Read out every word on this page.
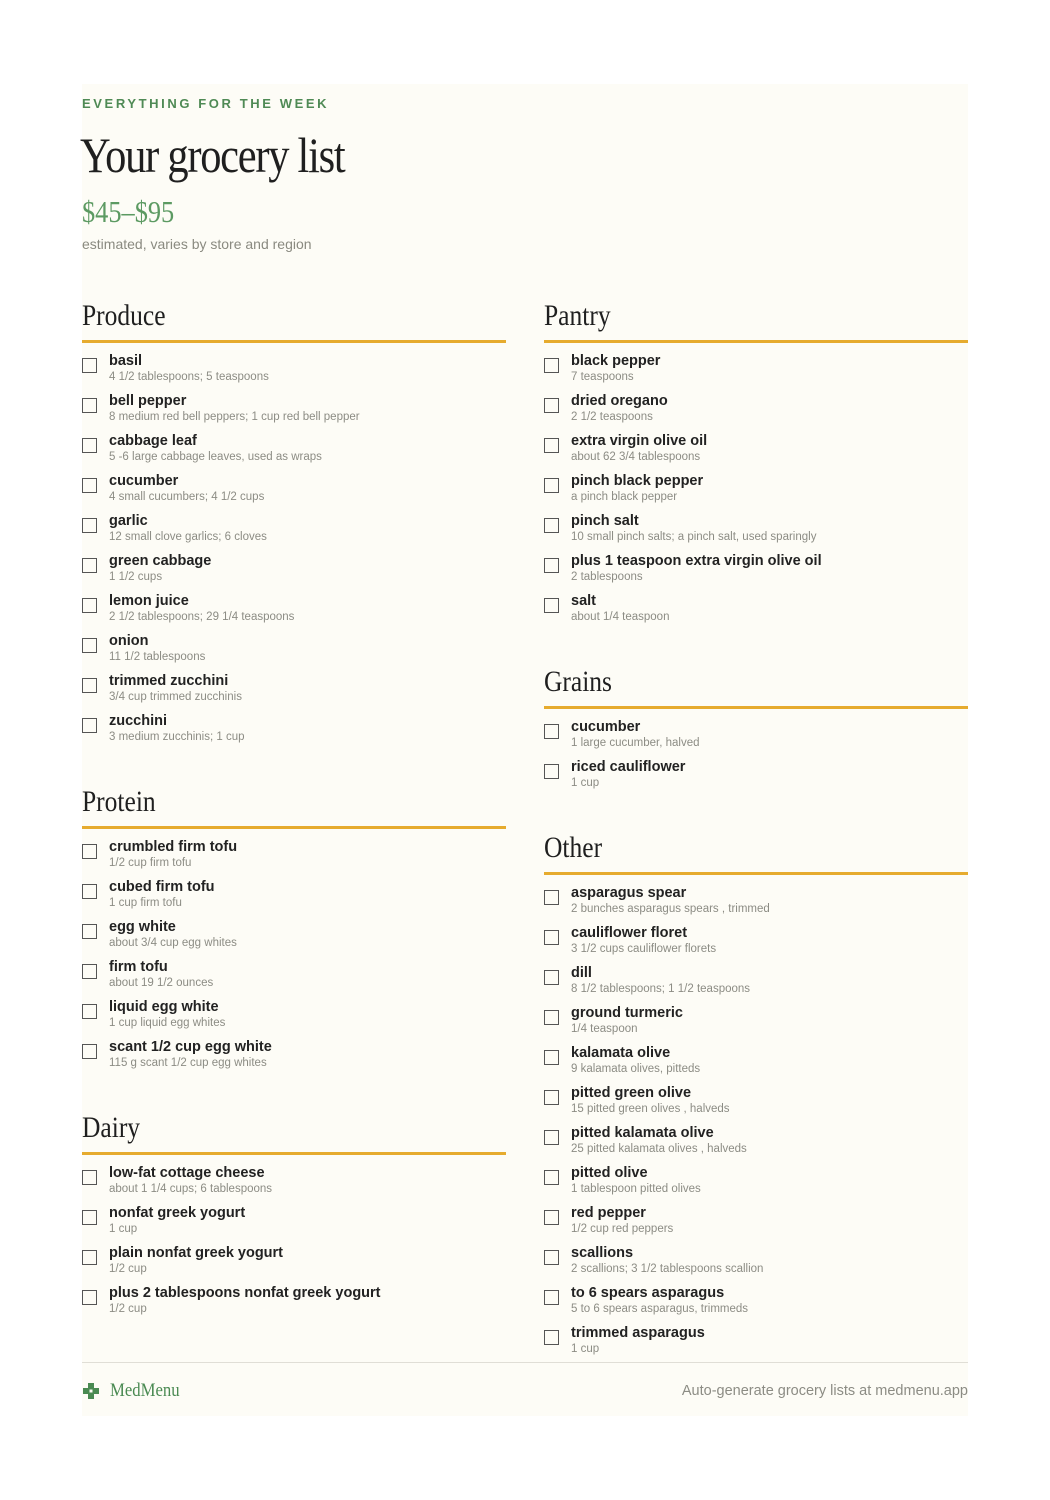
EVERYTHING FOR THE WEEK
Your grocery list
$45–$95
estimated, varies by store and region
Produce
basil
4 1/2 tablespoons; 5 teaspoons
bell pepper
8 medium red bell peppers; 1 cup red bell pepper
cabbage leaf
5 -6 large cabbage leaves, used as wraps
cucumber
4 small cucumbers; 4 1/2 cups
garlic
12 small clove garlics; 6 cloves
green cabbage
1 1/2 cups
lemon juice
2 1/2 tablespoons; 29 1/4 teaspoons
onion
11 1/2 tablespoons
trimmed zucchini
3/4 cup trimmed zucchinis
zucchini
3 medium zucchinis; 1 cup
Protein
crumbled firm tofu
1/2 cup firm tofu
cubed firm tofu
1 cup firm tofu
egg white
about 3/4 cup egg whites
firm tofu
about 19 1/2 ounces
liquid egg white
1 cup liquid egg whites
scant 1/2 cup egg white
115 g scant 1/2 cup egg whites
Dairy
low-fat cottage cheese
about 1 1/4 cups; 6 tablespoons
nonfat greek yogurt
1 cup
plain nonfat greek yogurt
1/2 cup
plus 2 tablespoons nonfat greek yogurt
1/2 cup
Pantry
black pepper
7 teaspoons
dried oregano
2 1/2 teaspoons
extra virgin olive oil
about 62 3/4 tablespoons
pinch black pepper
a pinch black pepper
pinch salt
10 small pinch salts; a pinch salt, used sparingly
plus 1 teaspoon extra virgin olive oil
2 tablespoons
salt
about 1/4 teaspoon
Grains
cucumber
1 large cucumber, halved
riced cauliflower
1 cup
Other
asparagus spear
2 bunches asparagus spears , trimmed
cauliflower floret
3 1/2 cups cauliflower florets
dill
8 1/2 tablespoons; 1 1/2 teaspoons
ground turmeric
1/4 teaspoon
kalamata olive
9 kalamata olives, pitteds
pitted green olive
15 pitted green olives , halveds
pitted kalamata olive
25 pitted kalamata olives , halveds
pitted olive
1 tablespoon pitted olives
red pepper
1/2 cup red peppers
scallions
2 scallions; 3 1/2 tablespoons scallion
to 6 spears asparagus
5 to 6 spears asparagus, trimmeds
trimmed asparagus
1 cup
MedMenu	Auto-generate grocery lists at medmenu.app
